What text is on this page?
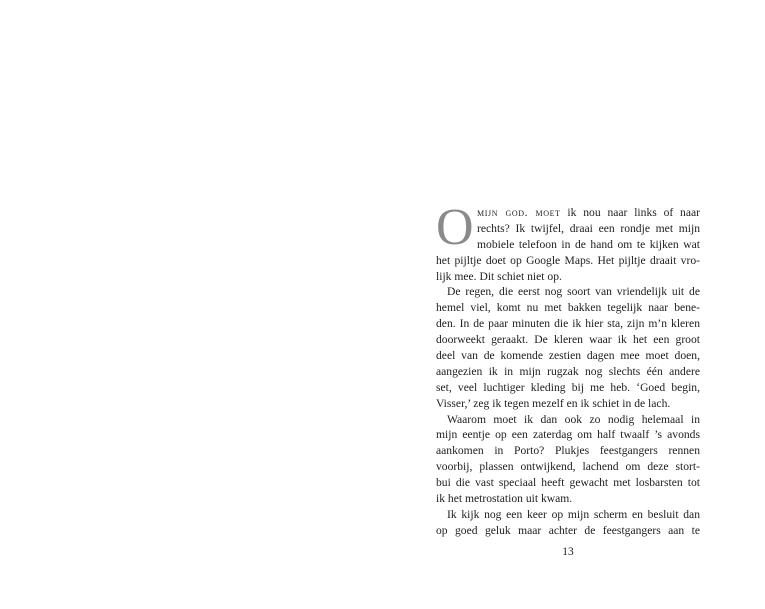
O mijn god. moet ik nou naar links of naar
rechts? Ik twijfel, draai een rondje met mijn
mobiele telefoon in de hand om te kijken wat
het pijltje doet op Google Maps. Het pijltje draait vro-
lijk mee. Dit schiet niet op.
De regen, die eerst nog soort van vriendelijk uit de
hemel viel, komt nu met bakken tegelijk naar bene-
den. In de paar minuten die ik hier sta, zijn m’n kleren
doorweekt geraakt. De kleren waar ik het een groot
deel van de komende zestien dagen mee moet doen,
aangezien ik in mijn rugzak nog slechts één andere
set, veel luchtiger kleding bij me heb. ‘Goed begin,
Visser,’ zeg ik tegen mezelf en ik schiet in de lach.
Waarom moet ik dan ook zo nodig helemaal in
mijn eentje op een zaterdag om half twaalf ’s avonds
aankomen in Porto? Plukjes feestgangers rennen
voorbij, plassen ontwijkend, lachend om deze stort-
bui die vast speciaal heeft gewacht met losbarsten tot
ik het metrostation uit kwam.
Ik kijk nog een keer op mijn scherm en besluit dan
op goed geluk maar achter de feestgangers aan te
13
